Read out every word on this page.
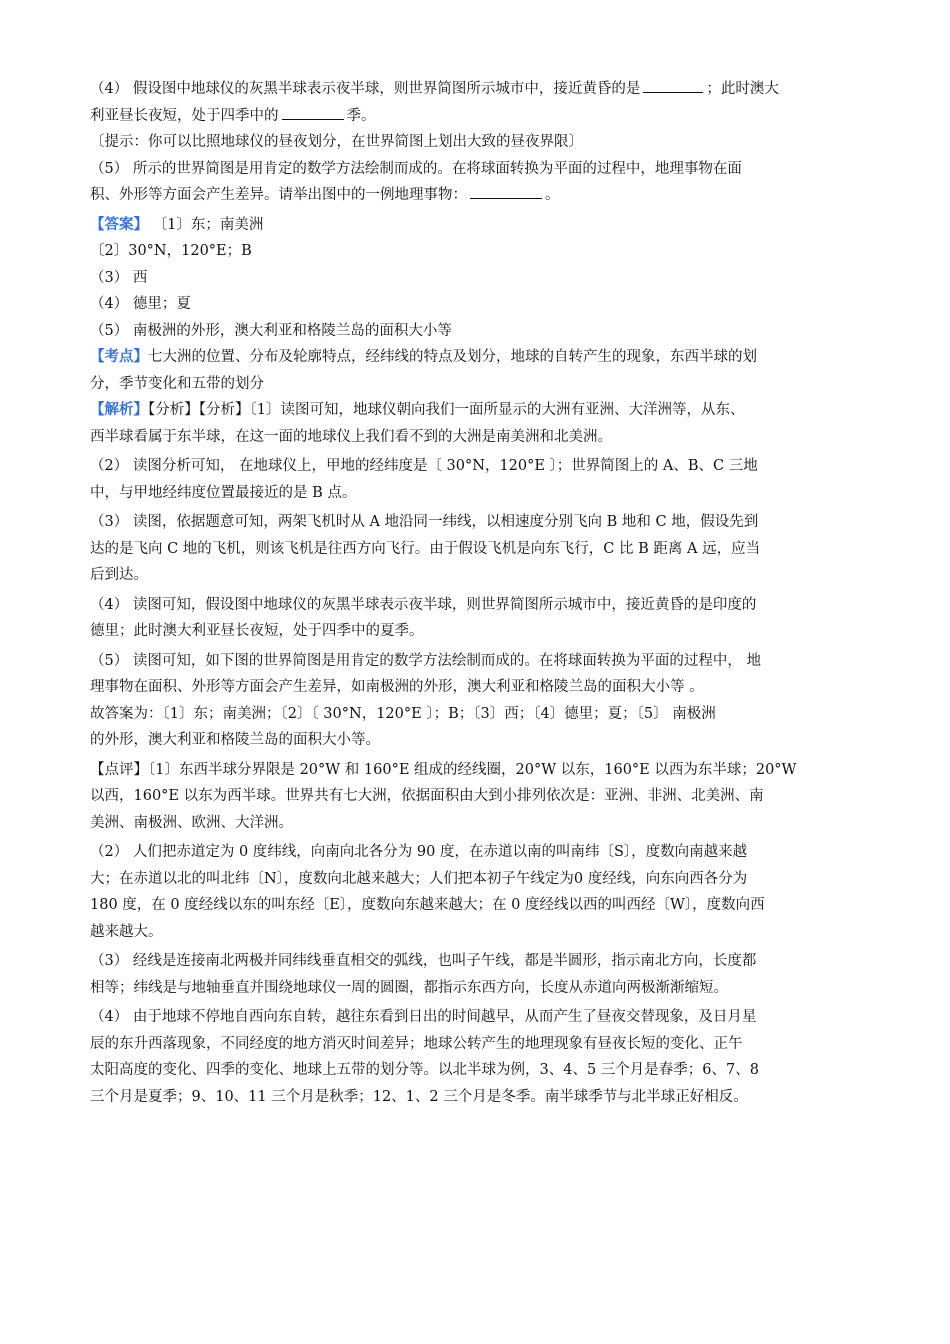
（4） 假设图中地球仪的灰黑半球表示夜半球，则世界简图所示城市中，接近黄昏的是	；此时澳大
利亚昼长夜短，处于四季中的	季。
〔提示：你可以比照地球仪的昼夜划分，在世界简图上划出大致的昼夜界限〕
（5） 所示的世界简图是用肯定的数学方法绘制而成的。在将球面转换为平面的过程中，地理事物在面
积、外形等方面会产生差异。请举出图中的一例地理事物：	。
【答案】 〔1〕东；南美洲
〔2〕30°N，120°E；B
（3） 西
（4） 德里；夏
（5） 南极洲的外形，澳大利亚和格陵兰岛的面积大小等
【考点】七大洲的位置、分布及轮廓特点，经纬线的特点及划分，地球的自转产生的现象，东西半球的划
分，季节变化和五带的划分
【解析】【分析】【分析】〔1〕读图可知，地球仪朝向我们一面所显示的大洲有亚洲、大洋洲等，从东、
西半球看属于东半球，在这一面的地球仪上我们看不到的大洲是南美洲和北美洲。
（2） 读图分析可知， 在地球仪上，甲地的经纬度是〔 30°N，120°E 〕；世界简图上的 A、B、C 三地
中，与甲地经纬度位置最接近的是 B 点。
（3） 读图，依据题意可知，两架飞机时从 A 地沿同一纬线，以相速度分别飞向 B 地和 C 地，假设先到
达的是飞向 C 地的飞机，则该飞机是往西方向飞行。由于假设飞机是向东飞行，C 比 B 距离 A 远，应当
后到达。
（4） 读图可知，假设图中地球仪的灰黑半球表示夜半球，则世界简图所示城市中，接近黄昏的是印度的
德里；此时澳大利亚昼长夜短，处于四季中的夏季。
（5） 读图可知，如下图的世界简图是用肯定的数学方法绘制而成的。在将球面转换为平面的过程中， 地
理事物在面积、外形等方面会产生差异，如南极洲的外形，澳大利亚和格陵兰岛的面积大小等 。
故答案为：〔1〕东；南美洲；〔2〕〔 30°N，120°E 〕；B；〔3〕西；〔4〕德里；夏；〔5〕 南极洲
的外形，澳大利亚和格陵兰岛的面积大小等。
【点评】〔1〕东西半球分界限是 20°W 和 160°E 组成的经线圈，20°W 以东，160°E 以西为东半球；20°W
以西，160°E 以东为西半球。世界共有七大洲，依据面积由大到小排列依次是：亚洲、非洲、北美洲、南
美洲、南极洲、欧洲、大洋洲。
（2） 人们把赤道定为 0 度纬线，向南向北各分为 90 度，在赤道以南的叫南纬〔S〕，度数向南越来越
大；在赤道以北的叫北纬〔N〕，度数向北越来越大；人们把本初子午线定为0 度经线，向东向西各分为
180 度，在 0 度经线以东的叫东经〔E〕，度数向东越来越大；在 0 度经线以西的叫西经〔W〕，度数向西
越来越大。
（3） 经线是连接南北两极并同纬线垂直相交的弧线，也叫子午线，都是半圆形，指示南北方向，长度都
相等；纬线是与地轴垂直并围绕地球仪一周的圆圈，都指示东西方向，长度从赤道向两极渐渐缩短。
（4） 由于地球不停地自西向东自转，越往东看到日出的时间越早，从而产生了昼夜交替现象，及日月星
辰的东升西落现象，不同经度的地方消灭时间差异；地球公转产生的地理现象有昼夜长短的变化、正午
太阳高度的变化、四季的变化、地球上五带的划分等。以北半球为例，3、4、5 三个月是春季；6、7、8
三个月是夏季；9、10、11 三个月是秋季；12、1、2 三个月是冬季。南半球季节与北半球正好相反。
